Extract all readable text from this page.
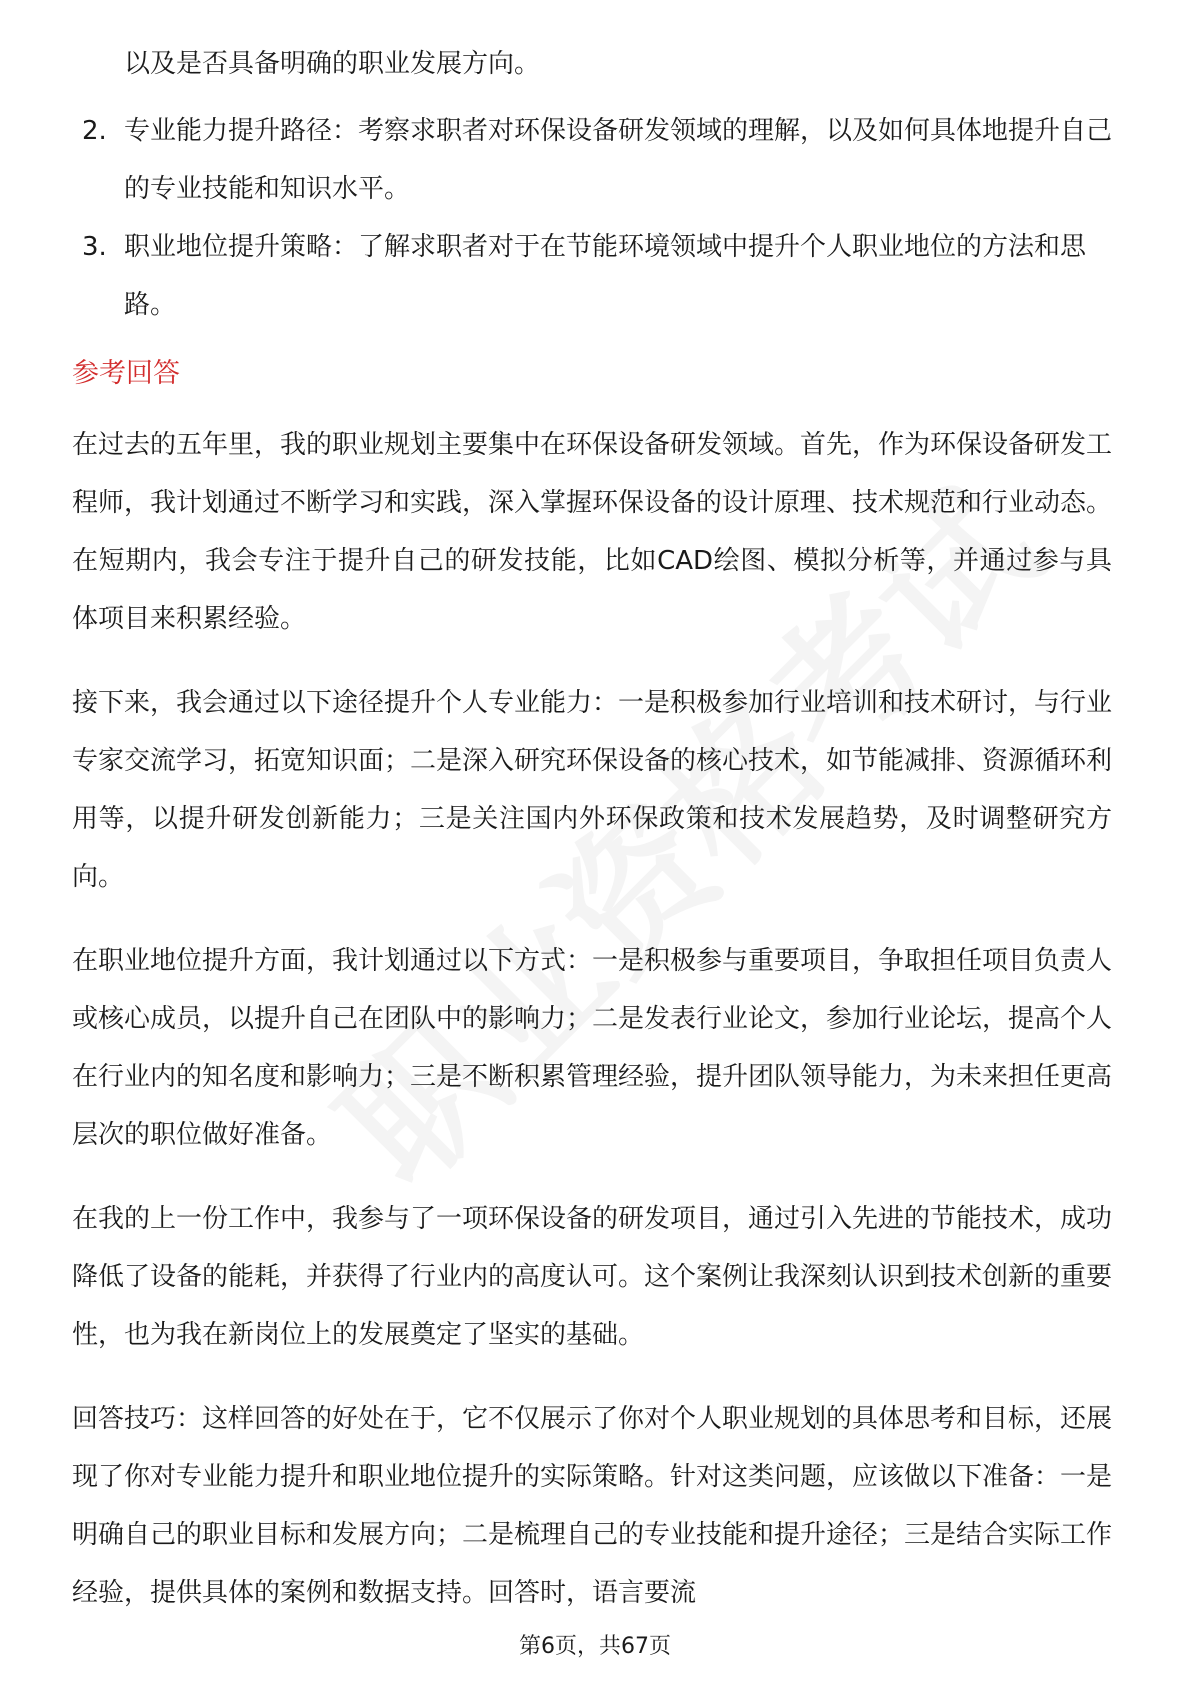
以及是否具备明确的职业发展方向。

2. 专业能力提升路径：考察求职者对环保设备研发领域的理解，以及如何具体地提升自己的专业技能和知识水平。
3. 职业地位提升策略：了解求职者对于在节能环境领域中提升个人职业地位的方法和思路。
参考回答

在过去的五年里，我的职业规划主要集中在环保设备研发领域。首先，作为环保设备研发工程师，我计划通过不断学习和实践，深入掌握环保设备的设计原理、技术规范和行业动态。在短期内，我会专注于提升自己的研发技能，比如CAD绘图、模拟分析等，并通过参与具体项目来积累经验。

接下来，我会通过以下途径提升个人专业能力：一是积极参加行业培训和技术研讨，与行业专家交流学习，拓宽知识面；二是深入研究环保设备的核心技术，如节能减排、资源循环利用等，以提升研发创新能力；三是关注国内外环保政策和技术发展趋势，及时调整研究方向。

在职业地位提升方面，我计划通过以下方式：一是积极参与重要项目，争取担任项目负责人或核心成员，以提升自己在团队中的影响力；二是发表行业论文，参加行业论坛，提高个人在行业内的知名度和影响力；三是不断积累管理经验，提升团队领导能力，为未来担任更高层次的职位做好准备。

在我的上一份工作中，我参与了一项环保设备的研发项目，通过引入先进的节能技术，成功降低了设备的能耗，并获得了行业内的高度认可。这个案例让我深刻认识到技术创新的重要性，也为我在新岗位上的发展奠定了坚实的基础。

回答技巧：这样回答的好处在于，它不仅展示了你对个人职业规划的具体思考和目标，还展现了你对专业能力提升和职业地位提升的实际策略。针对这类问题，应该做以下准备：一是明确自己的职业目标和发展方向；二是梳理自己的专业技能和提升途径；三是结合实际工作经验，提供具体的案例和数据支持。回答时，语言要流

第6页，共67页
